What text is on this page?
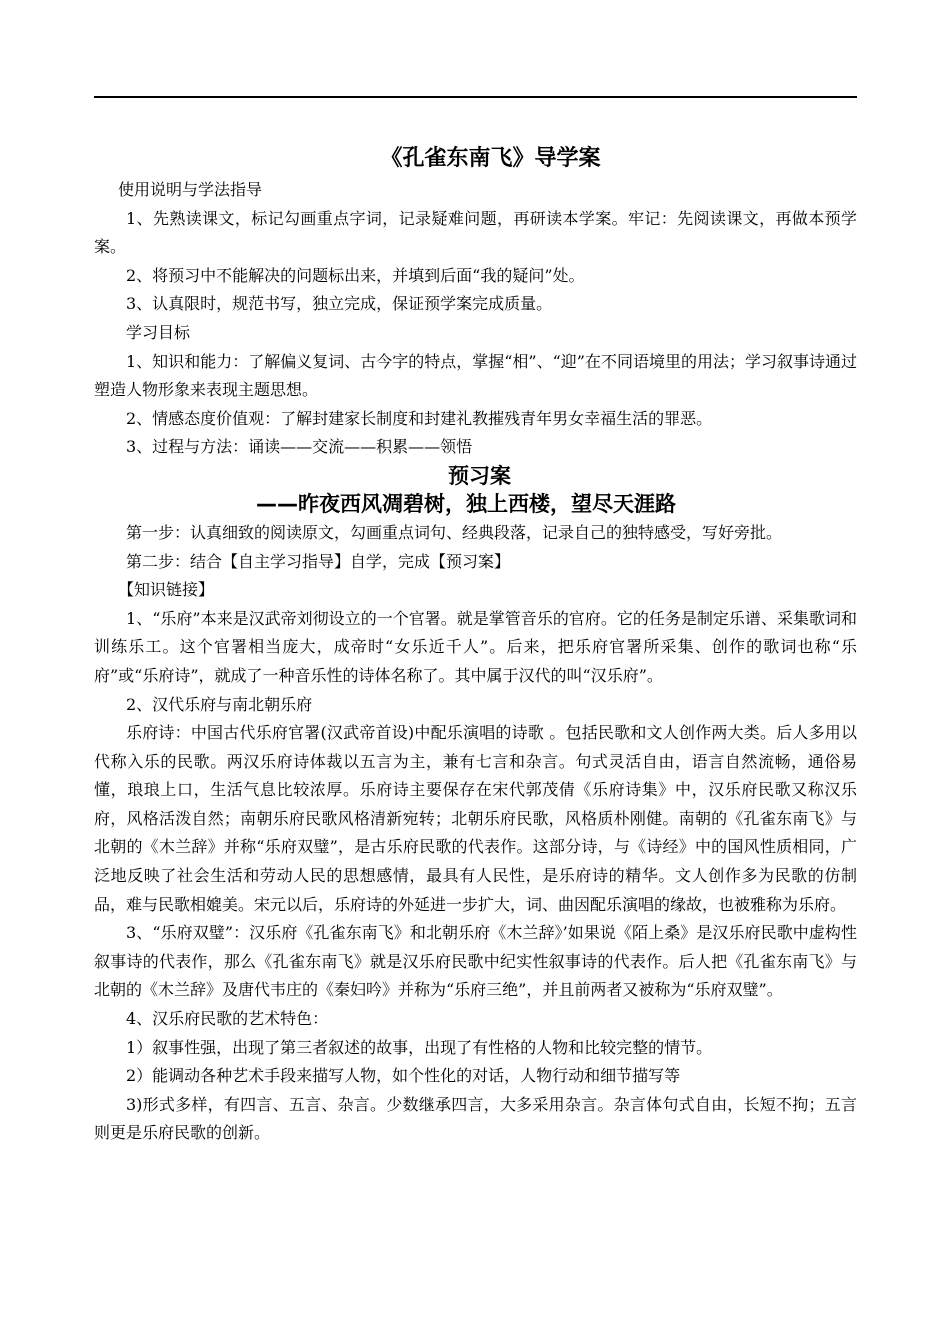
《孔雀东南飞》导学案

使用说明与学法指导

1、先熟读课文，标记勾画重点字词，记录疑难问题，再研读本学案。牢记：先阅读课文，再做本预学案。

2、将预习中不能解决的问题标出来，并填到后面“我的疑问”处。

3、认真限时，规范书写，独立完成，保证预学案完成质量。

学习目标

1、知识和能力：了解偏义复词、古今字的特点，掌握“相”、“迎”在不同语境里的用法；学习叙事诗通过塑造人物形象来表现主题思想。

2、情感态度价值观：了解封建家长制度和封建礼教摧残青年男女幸福生活的罪恶。

3、过程与方法：诵读——交流——积累——领悟

预习案
——昨夜西风凋碧树，独上西楼，望尽天涯路

第一步：认真细致的阅读原文，勾画重点词句、经典段落，记录自己的独特感受，写好旁批。

第二步：结合【自主学习指导】自学，完成【预习案】

【知识链接】

1、“乐府”本来是汉武帝刘彻设立的一个官署。就是掌管音乐的官府。它的任务是制定乐谱、采集歌词和训练乐工。这个官署相当庞大，成帝时“女乐近千人”。后来，把乐府官署所采集、创作的歌词也称“乐府”或“乐府诗”，就成了一种音乐性的诗体名称了。其中属于汉代的叫“汉乐府”。

2、汉代乐府与南北朝乐府

乐府诗：中国古代乐府官署(汉武帝首设)中配乐演唱的诗歌 。包括民歌和文人创作两大类。后人多用以代称入乐的民歌。两汉乐府诗体裁以五言为主，兼有七言和杂言。句式灵活自由，语言自然流畅，通俗易懂，琅琅上口，生活气息比较浓厚。乐府诗主要保存在宋代郭茂倩《乐府诗集》中，汉乐府民歌又称汉乐府，风格活泼自然；南朝乐府民歌风格清新宛转；北朝乐府民歌，风格质朴刚健。南朝的《孔雀东南飞》与北朝的《木兰辞》并称“乐府双璧”，是古乐府民歌的代表作。这部分诗，与《诗经》中的国风性质相同，广泛地反映了社会生活和劳动人民的思想感情，最具有人民性，是乐府诗的精华。文人创作多为民歌的仿制品，难与民歌相媲美。宋元以后，乐府诗的外延进一步扩大，词、曲因配乐演唱的缘故，也被雅称为乐府。

3、“乐府双璧”：汉乐府《孔雀东南飞》和北朝乐府《木兰辞》’如果说《陌上桑》是汉乐府民歌中虚构性叙事诗的代表作，那么《孔雀东南飞》就是汉乐府民歌中纪实性叙事诗的代表作。后人把《孔雀东南飞》与北朝的《木兰辞》及唐代韦庄的《秦妇吟》并称为“乐府三绝”，并且前两者又被称为“乐府双璧”。

4、汉乐府民歌的艺术特色：

1）叙事性强，出现了第三者叙述的故事，出现了有性格的人物和比较完整的情节。

2）能调动各种艺术手段来描写人物，如个性化的对话，人物行动和细节描写等

3)形式多样，有四言、五言、杂言。少数继承四言，大多采用杂言。杂言体句式自由，长短不拘；五言则更是乐府民歌的创新。
